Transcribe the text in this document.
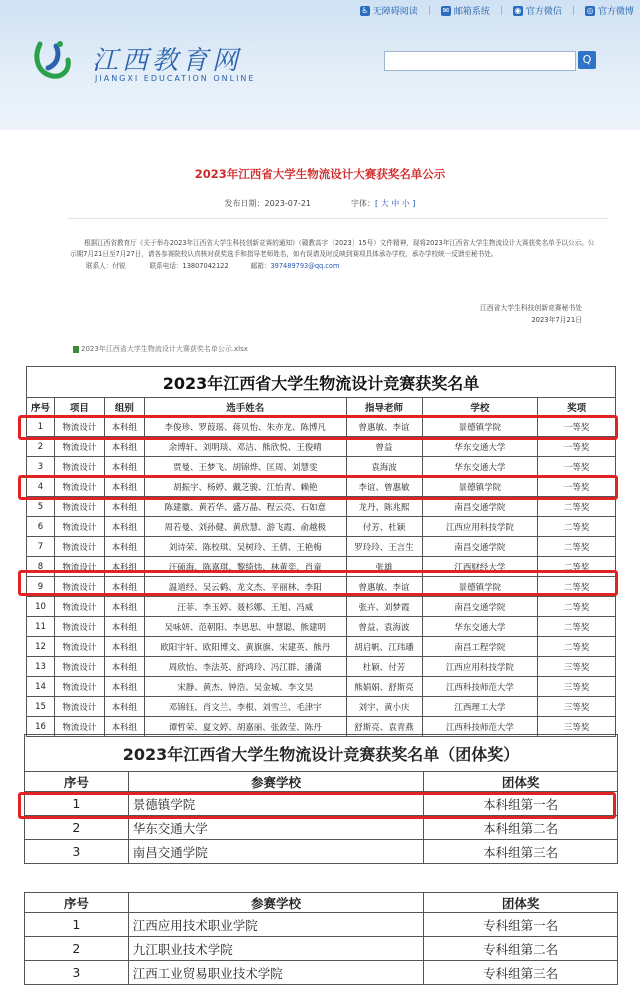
♿ 无障碍阅读 | ✉ 邮箱系统 | ◉ 官方微信 | ◎ 官方微博
江西教育网
JIANGXI EDUCATION ONLINE
Q
2023年江西省大学生物流设计大赛获奖名单公示
发布日期：2023-07-21	字体：[ 大 中 小 ]

根据江西省教育厅《关于举办2023年江西省大学生科技创新竞赛的通知》（赣教高字〔2023〕15号）文件精神，现将2023年江西省大学生物流设计大赛获奖名单予以公示。公示期7月21日至7月27日，请各参赛院校认真核对获奖选手和指导老师姓名，如有误请及时反映到赛项具体承办学校，承办学校统一反馈至秘书处。

联系人：付锐	联系电话：13807042122	邮箱：397489793@qq.com
江西省大学生科技创新竞赛秘书处
2023年7月21日
2023年江西省大学生物流设计大赛获奖名单公示.xlsx
2023年江西省大学生物流设计竞赛获奖名单						
序号	项目	组别	选手姓名	指导老师	学校	奖项
1	物流设计	本科组	李俊珍、罗葭瑶、蒋贝怡、朱亦龙、陈博凡	曾惠敏、李谊	景德镇学院	一等奖
2	物流设计	本科组	余博轩、刘明琰、邓洁、熊欣悦、王俊晴	曾益	华东交通大学	一等奖
3	物流设计	本科组	贾曼、王梦飞、胡锦烨、匡周、刘慧雯	袁海波	华东交通大学	一等奖
4	物流设计	本科组	胡振宇、杨婷、戴芝骏、江怡青、赖艳	李谊、曾惠敏	景德镇学院	一等奖
5	物流设计	本科组	陈建徽、黄若华、盛万晶、程云亮、石如意	龙丹、陈兆熙	南昌交通学院	二等奖
6	物流设计	本科组	周若曼、刘孙健、黄欣慧、游飞霞、俞越极	付芳、杜颖	江西应用科技学院	二等奖
7	物流设计	本科组	刘诗荣、陈校琪、吴树玲、王倩、王艳梅	罗玲玲、王言生	南昌交通学院	二等奖
8	物流设计	本科组	汪硕海、陈嘉琪、黎绮炜、林黄奕、肖童	张雄	江西财经大学	二等奖
9	物流设计	本科组	温道经、吴云鹤、龙文杰、平丽林、李阳	曾惠敏、李谊	景德镇学院	二等奖
10	物流设计	本科组	汪菲、李玉婷、聂杉娜、王旭、冯威	张卉、刘梦霞	南昌交通学院	二等奖
11	物流设计	本科组	吴咏妍、范朝阳、李思思、申慧聪、熊建明	曾益、袁海波	华东交通大学	二等奖
12	物流设计	本科组	欧阳宇轩、欧阳博文、黄旗旗、宋建英、熊丹	胡启帆、江玮璠	南昌工程学院	二等奖
13	物流设计	本科组	周欣怡、李法英、舒鸿玲、冯江群、潘潇	杜颖、付芳	江西应用科技学院	三等奖
14	物流设计	本科组	宋静、黄杰、钟浩、吴金城、李文昊	熊娟娟、舒斯亮	江西科技师范大学	三等奖
15	物流设计	本科组	邓锦钰、肖文兰、李根、刘雪兰、毛津宇	刘宇、黄小庆	江西理工大学	三等奖
16	物流设计	本科组	谭哲荣、夏文婷、胡嘉丽、张敛莹、陈丹	舒斯亮、袁青燕	江西科技师范大学	三等奖
2023年江西省大学生物流设计竞赛获奖名单（团体奖）		
序号	参赛学校	团体奖
1	景德镇学院	本科组第一名
2	华东交通大学	本科组第二名
3	南昌交通学院	本科组第三名
序号	参赛学校	团体奖
1	江西应用技术职业学院	专科组第一名
2	九江职业技术学院	专科组第二名
3	江西工业贸易职业技术学院	专科组第三名
